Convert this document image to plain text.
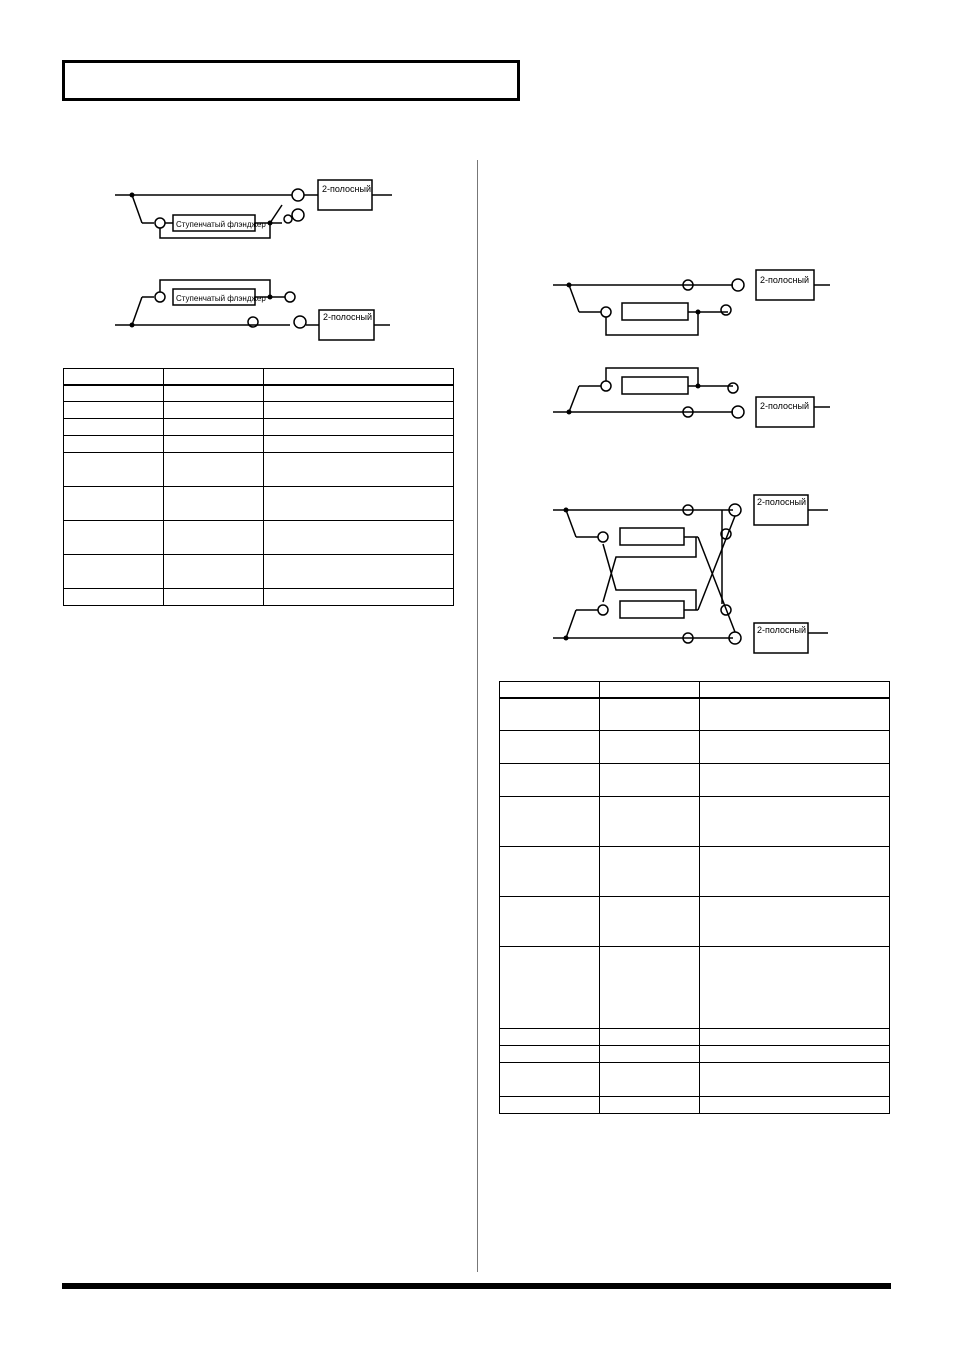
2-полосный
Ступенчатый флэнджер
2-полосный
Ступенчатый флэнджер

2-полосный
2-полосный
2-полосный
2-полосный
